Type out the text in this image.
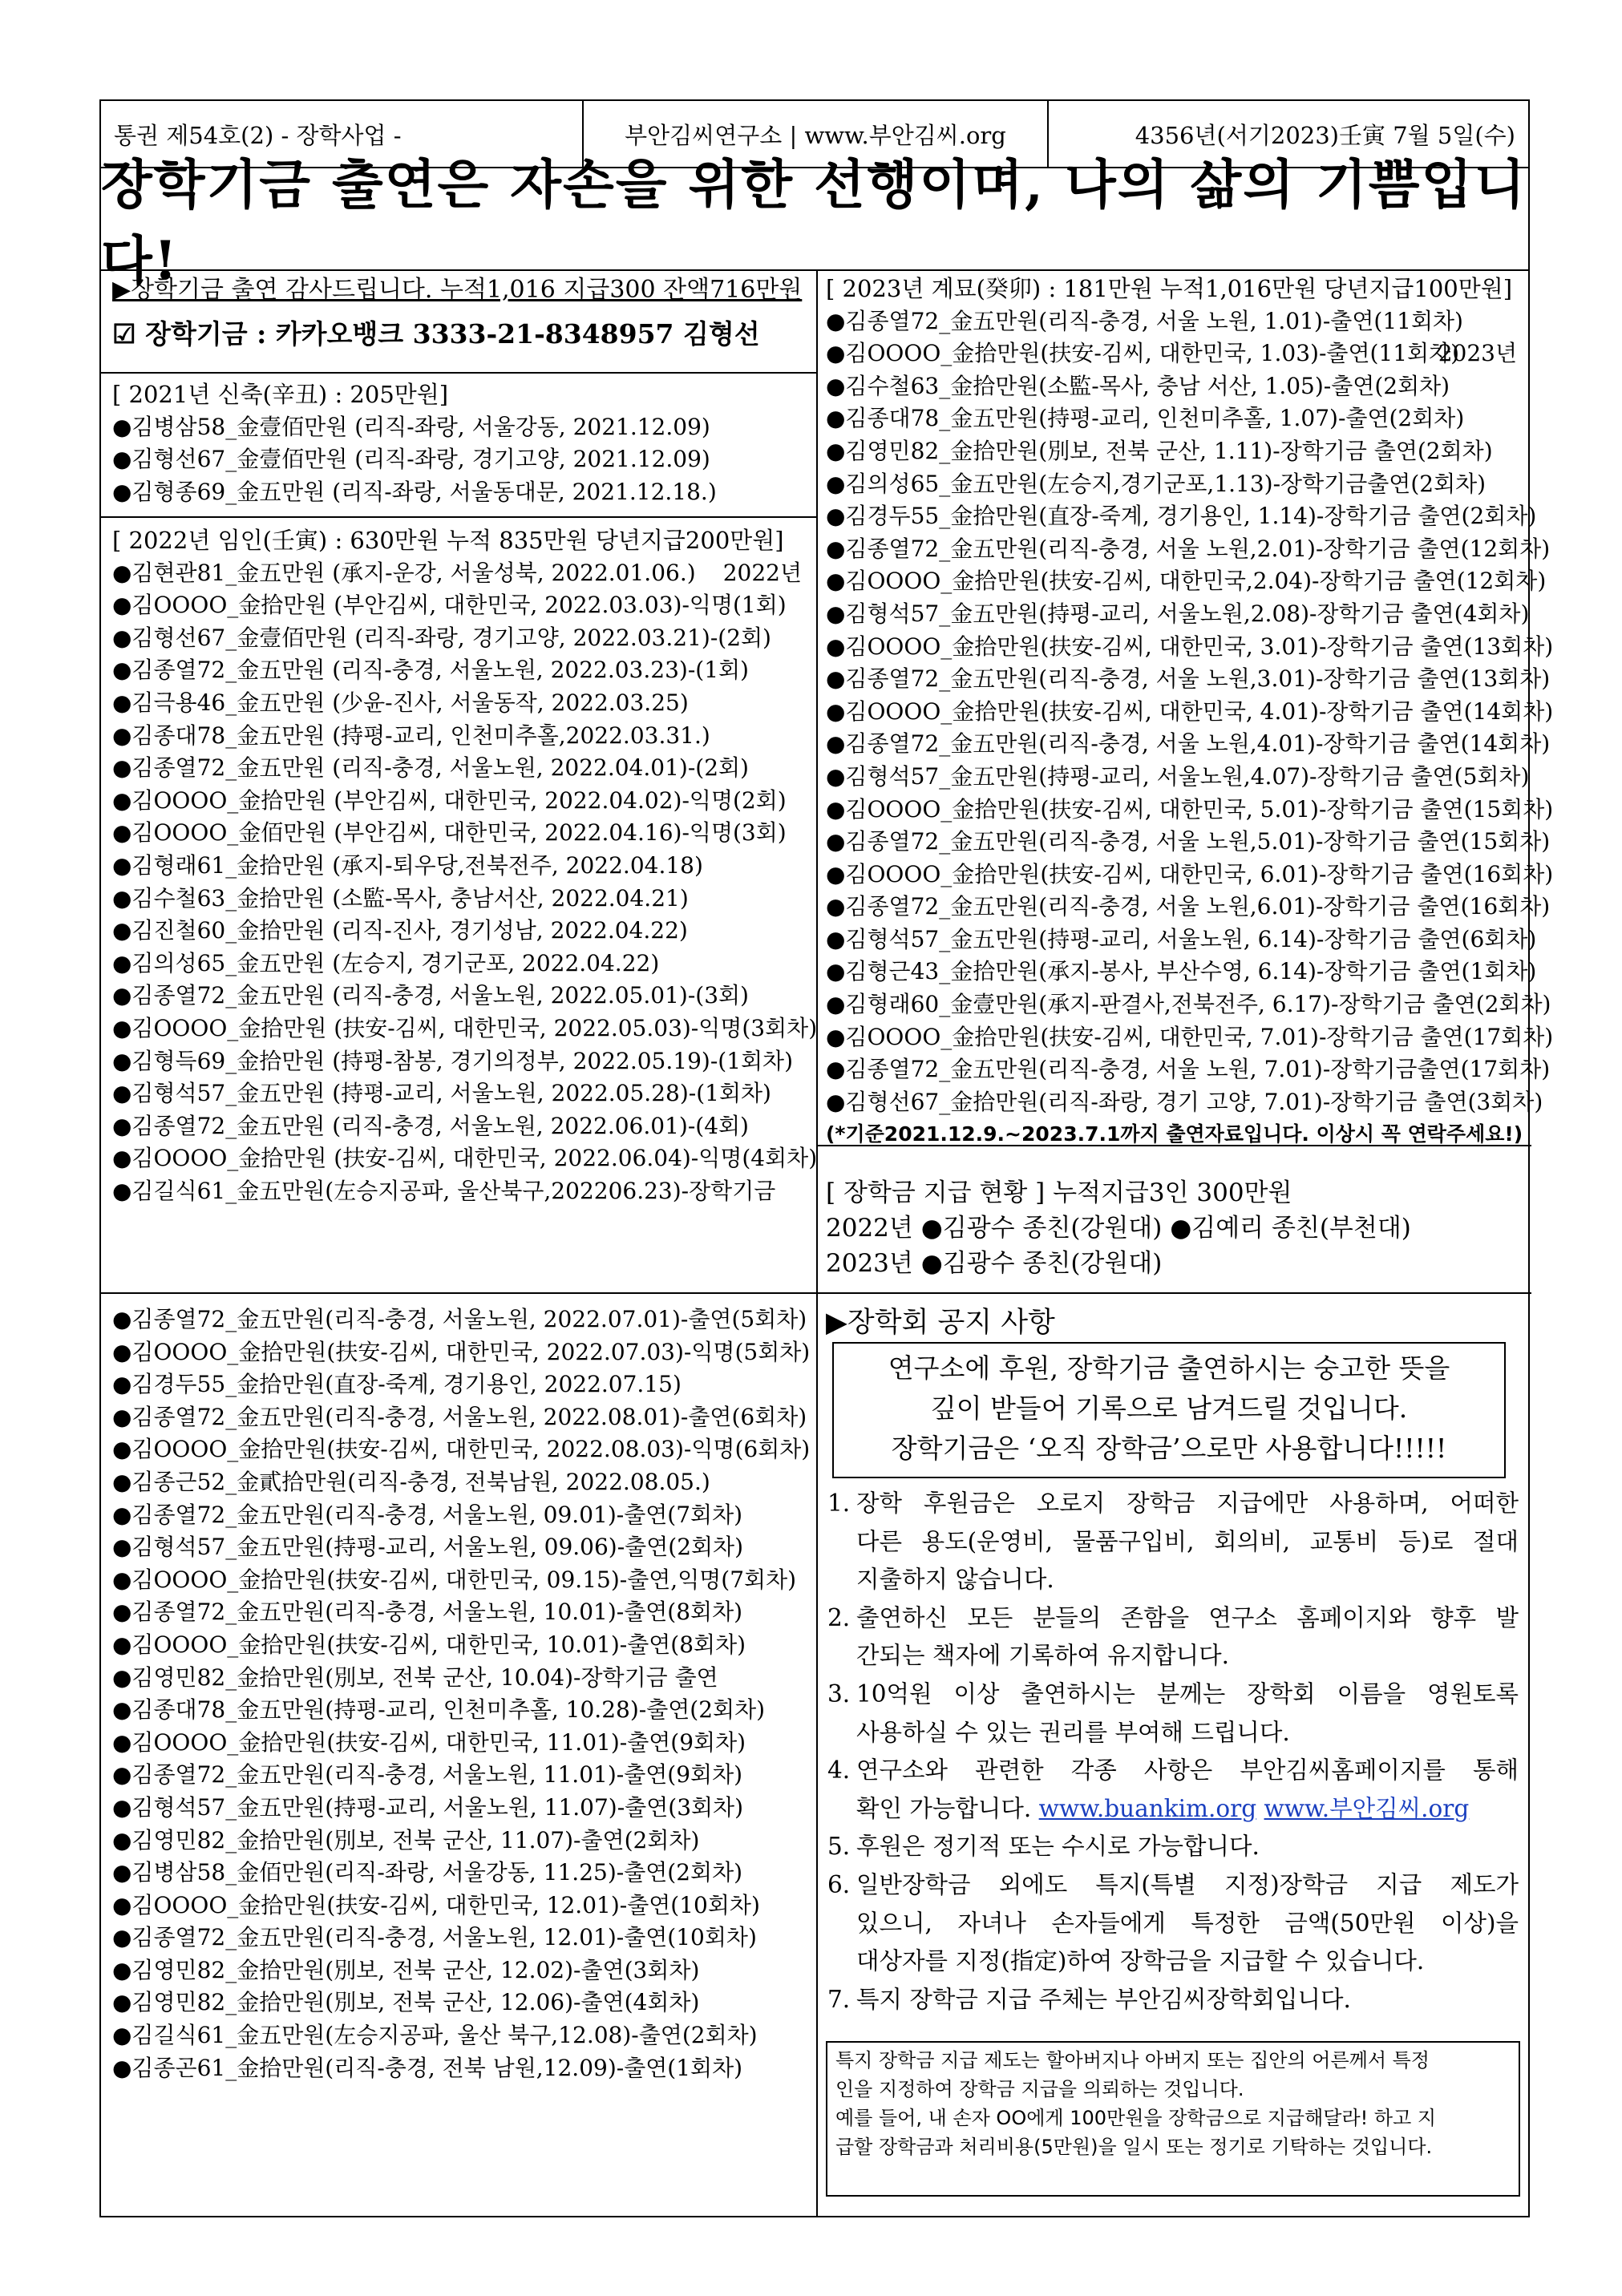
통권 제54호(2) - 장학사업 -	부안김씨연구소 | www.부안김씨.org	4356년(서기2023)壬寅 7월 5일(수)
장학기금 출연은 자손을 위한 선행이며, 나의 삶의 기쁨입니다!
▶장학기금 출연 감사드립니다. 누적1,016 지급300 잔액716만원
☑ 장학기금 : 카카오뱅크 3333-21-8348957 김형선
[ 2021년 신축(辛丑) : 205만원]
●김병삼58_金壹佰만원 (리직-좌랑, 서울강동, 2021.12.09)
●김형선67_金壹佰만원 (리직-좌랑, 경기고양, 2021.12.09)
●김형종69_金五만원 (리직-좌랑, 서울동대문, 2021.12.18.)
[ 2022년 임인(壬寅) : 630만원 누적 835만원 당년지급200만원]
●김현관81_金五만원 (承지-운강, 서울성북, 2022.01.06.) 2022년
●김OOOO_金拾만원 (부안김씨, 대한민국, 2022.03.03)-익명(1회)
●김형선67_金壹佰만원 (리직-좌랑, 경기고양, 2022.03.21)-(2회)
●김종열72_金五만원 (리직-충경, 서울노원, 2022.03.23)-(1회)
●김극용46_金五만원 (少윤-진사, 서울동작, 2022.03.25)
●김종대78_金五만원 (持평-교리, 인천미추홀,2022.03.31.)
●김종열72_金五만원 (리직-충경, 서울노원, 2022.04.01)-(2회)
●김OOOO_金拾만원 (부안김씨, 대한민국, 2022.04.02)-익명(2회)
●김OOOO_金佰만원 (부안김씨, 대한민국, 2022.04.16)-익명(3회)
●김형래61_金拾만원 (承지-퇴우당,전북전주, 2022.04.18)
●김수철63_金拾만원 (소監-목사, 충남서산, 2022.04.21)
●김진철60_金拾만원 (리직-진사, 경기성남, 2022.04.22)
●김의성65_金五만원 (左승지, 경기군포, 2022.04.22)
●김종열72_金五만원 (리직-충경, 서울노원, 2022.05.01)-(3회)
●김OOOO_金拾만원 (扶安-김씨, 대한민국, 2022.05.03)-익명(3회차)
●김형득69_金拾만원 (持평-참봉, 경기의정부, 2022.05.19)-(1회차)
●김형석57_金五만원 (持평-교리, 서울노원, 2022.05.28)-(1회차)
●김종열72_金五만원 (리직-충경, 서울노원, 2022.06.01)-(4회)
●김OOOO_金拾만원 (扶安-김씨, 대한민국, 2022.06.04)-익명(4회차)
●김길식61_金五만원(左승지공파, 울산북구,202206.23)-장학기금
●김종열72_金五만원(리직-충경, 서울노원, 2022.07.01)-출연(5회차)
●김OOOO_金拾만원(扶安-김씨, 대한민국, 2022.07.03)-익명(5회차)
●김경두55_金拾만원(直장-죽계, 경기용인, 2022.07.15)
●김종열72_金五만원(리직-충경, 서울노원, 2022.08.01)-출연(6회차)
●김OOOO_金拾만원(扶安-김씨, 대한민국, 2022.08.03)-익명(6회차)
●김종근52_金貳拾만원(리직-충경, 전북남원, 2022.08.05.)
●김종열72_金五만원(리직-충경, 서울노원, 09.01)-출연(7회차)
●김형석57_金五만원(持평-교리, 서울노원, 09.06)-출연(2회차)
●김OOOO_金拾만원(扶安-김씨, 대한민국, 09.15)-출연,익명(7회차)
●김종열72_金五만원(리직-충경, 서울노원, 10.01)-출연(8회차)
●김OOOO_金拾만원(扶安-김씨, 대한민국, 10.01)-출연(8회차)
●김영민82_金拾만원(別보, 전북 군산, 10.04)-장학기금 출연
●김종대78_金五만원(持평-교리, 인천미추홀, 10.28)-출연(2회차)
●김OOOO_金拾만원(扶安-김씨, 대한민국, 11.01)-출연(9회차)
●김종열72_金五만원(리직-충경, 서울노원, 11.01)-출연(9회차)
●김형석57_金五만원(持평-교리, 서울노원, 11.07)-출연(3회차)
●김영민82_金拾만원(別보, 전북 군산, 11.07)-출연(2회차)
●김병삼58_金佰만원(리직-좌랑, 서울강동, 11.25)-출연(2회차)
●김OOOO_金拾만원(扶安-김씨, 대한민국, 12.01)-출연(10회차)
●김종열72_金五만원(리직-충경, 서울노원, 12.01)-출연(10회차)
●김영민82_金拾만원(別보, 전북 군산, 12.02)-출연(3회차)
●김영민82_金拾만원(別보, 전북 군산, 12.06)-출연(4회차)
●김길식61_金五만원(左승지공파, 울산 북구,12.08)-출연(2회차)
●김종곤61_金拾만원(리직-충경, 전북 남원,12.09)-출연(1회차)
[ 2023년 계묘(癸卯) : 181만원 누적1,016만원 당년지급100만원]
●김종열72_金五만원(리직-충경, 서울 노원, 1.01)-출연(11회차)
2023년
●김OOOO_金拾만원(扶安-김씨, 대한민국, 1.03)-출연(11회차)
●김수철63_金拾만원(소監-목사, 충남 서산, 1.05)-출연(2회차)
●김종대78_金五만원(持평-교리, 인천미추홀, 1.07)-출연(2회차)
●김영민82_金拾만원(別보, 전북 군산, 1.11)-장학기금 출연(2회차)
●김의성65_金五만원(左승지,경기군포,1.13)-장학기금출연(2회차)
●김경두55_金拾만원(直장-죽계, 경기용인, 1.14)-장학기금 출연(2회차)
●김종열72_金五만원(리직-충경, 서울 노원,2.01)-장학기금 출연(12회차)
●김OOOO_金拾만원(扶安-김씨, 대한민국,2.04)-장학기금 출연(12회차)
●김형석57_金五만원(持평-교리, 서울노원,2.08)-장학기금 출연(4회차)
●김OOOO_金拾만원(扶安-김씨, 대한민국, 3.01)-장학기금 출연(13회차)
●김종열72_金五만원(리직-충경, 서울 노원,3.01)-장학기금 출연(13회차)
●김OOOO_金拾만원(扶安-김씨, 대한민국, 4.01)-장학기금 출연(14회차)
●김종열72_金五만원(리직-충경, 서울 노원,4.01)-장학기금 출연(14회차)
●김형석57_金五만원(持평-교리, 서울노원,4.07)-장학기금 출연(5회차)
●김OOOO_金拾만원(扶安-김씨, 대한민국, 5.01)-장학기금 출연(15회차)
●김종열72_金五만원(리직-충경, 서울 노원,5.01)-장학기금 출연(15회차)
●김OOOO_金拾만원(扶安-김씨, 대한민국, 6.01)-장학기금 출연(16회차)
●김종열72_金五만원(리직-충경, 서울 노원,6.01)-장학기금 출연(16회차)
●김형석57_金五만원(持평-교리, 서울노원, 6.14)-장학기금 출연(6회차)
●김형근43_金拾만원(承지-봉사, 부산수영, 6.14)-장학기금 출연(1회차)
●김형래60_金壹만원(承지-판결사,전북전주, 6.17)-장학기금 출연(2회차)
●김OOOO_金拾만원(扶安-김씨, 대한민국, 7.01)-장학기금 출연(17회차)
●김종열72_金五만원(리직-충경, 서울 노원, 7.01)-장학기금출연(17회차)
●김형선67_金拾만원(리직-좌랑, 경기 고양, 7.01)-장학기금 출연(3회차)
(*기준2021.12.9.~2023.7.1까지 출연자료입니다. 이상시 꼭 연락주세요!)
[ 장학금 지급 현황 ] 누적지급3인 300만원
2022년 ●김광수 종친(강원대) ●김예리 종친(부천대)
2023년 ●김광수 종친(강원대)
▶장학회 공지 사항
연구소에 후원, 장학기금 출연하시는 숭고한 뜻을
깊이 받들어 기록으로 남겨드릴 것입니다.
장학기금은 ‘오직 장학금’으로만 사용합니다!!!!!
1. 장학 후원금은 오로지 장학금 지급에만 사용하며, 어떠한
다른 용도(운영비, 물품구입비, 회의비, 교통비 등)로 절대
지출하지 않습니다.
2. 출연하신 모든 분들의 존함을 연구소 홈페이지와 향후 발
간되는 책자에 기록하여 유지합니다.
3. 10억원 이상 출연하시는 분께는 장학회 이름을 영원토록
사용하실 수 있는 권리를 부여해 드립니다.
4. 연구소와 관련한 각종 사항은 부안김씨홈페이지를 통해
확인 가능합니다. www.buankim.org www.부안김씨.org
5. 후원은 정기적 또는 수시로 가능합니다.
6. 일반장학금 외에도 특지(특별 지정)장학금 지급 제도가
있으니, 자녀나 손자들에게 특정한 금액(50만원 이상)을
대상자를 지정(指定)하여 장학금을 지급할 수 있습니다.
7. 특지 장학금 지급 주체는 부안김씨장학회입니다.
특지 장학금 지급 제도는 할아버지나 아버지 또는 집안의 어른께서 특정
인을 지정하여 장학금 지급을 의뢰하는 것입니다.
예를 들어, 내 손자 OO에게 100만원을 장학금으로 지급해달라! 하고 지
급할 장학금과 처리비용(5만원)을 일시 또는 정기로 기탁하는 것입니다.
